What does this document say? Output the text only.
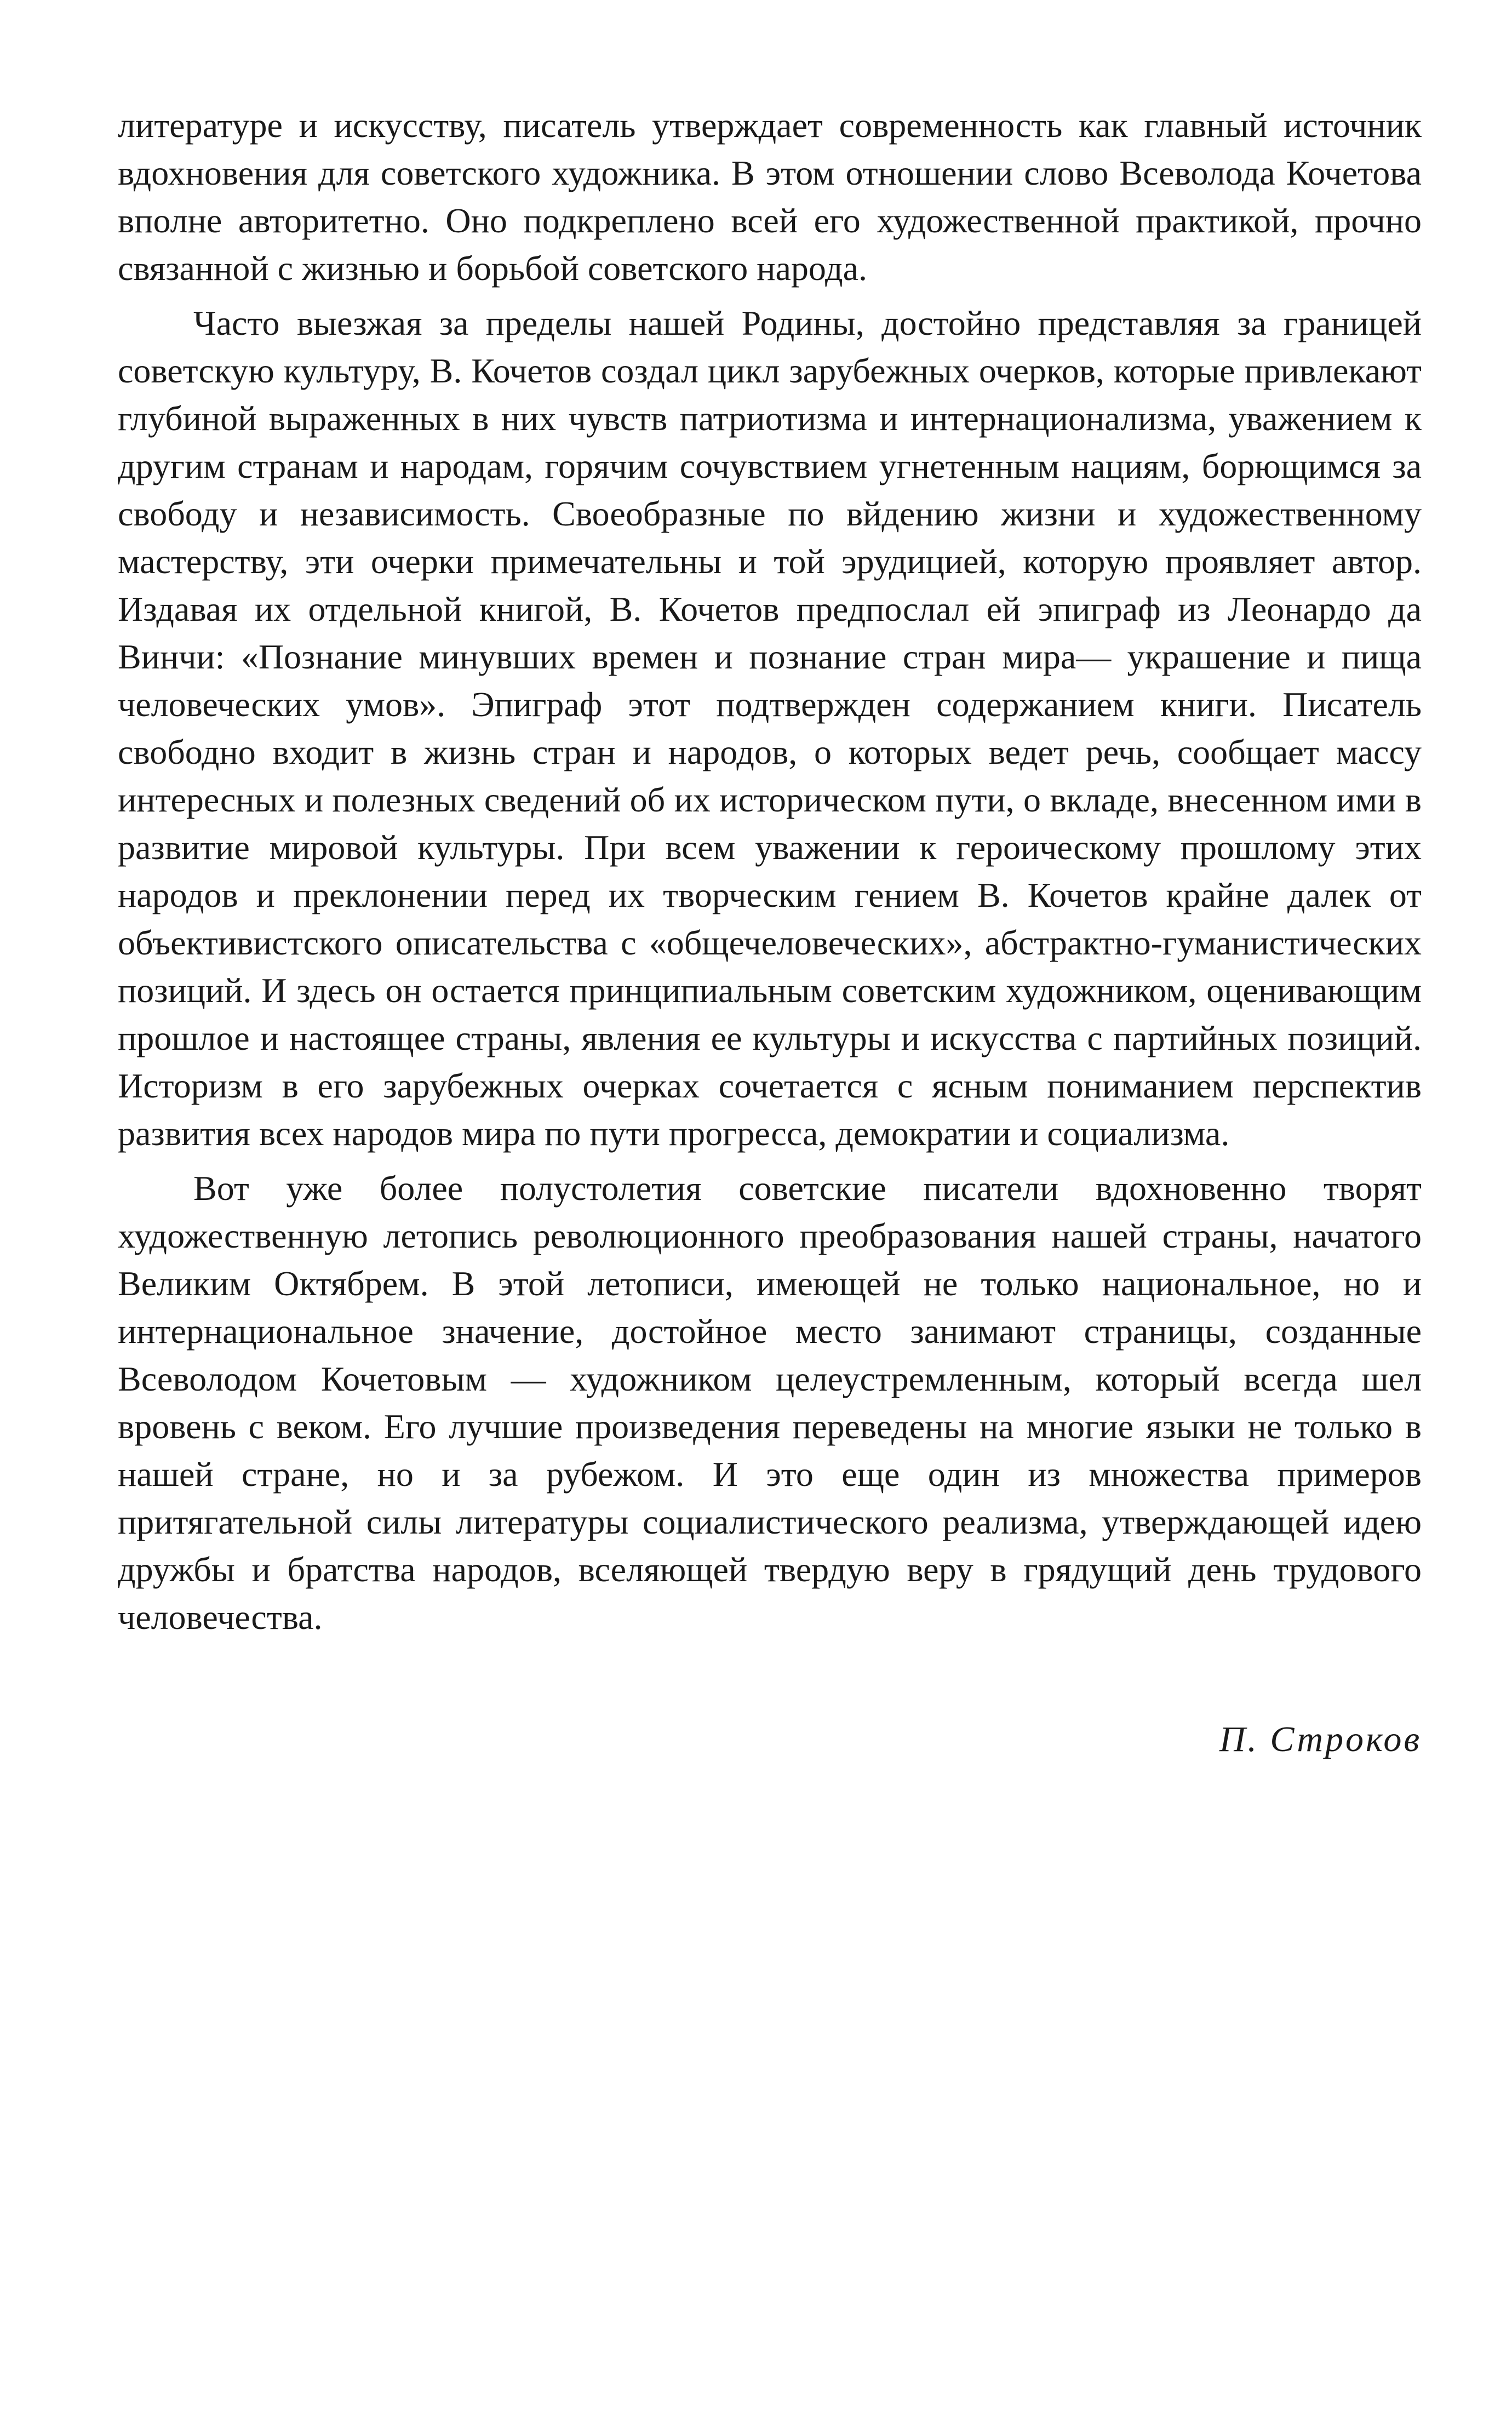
литературе и искусству, писатель утверждает современность как главный источник вдохновения для советского художника. В этом отношении слово Всеволода Кочетова вполне авторитетно. Оно подкреплено всей его художественной практикой, прочно связанной с жизнью и борьбой советского народа.

Часто выезжая за пределы нашей Родины, достойно представляя за границей советскую культуру, В. Кочетов создал цикл зарубежных очерков, которые привлекают глубиной выраженных в них чувств патриотизма и интернационализма, уважением к другим странам и народам, горячим сочувствием угнетенным нациям, борющимся за свободу и независимость. Своеобразные по вйдению жизни и художественному мастерству, эти очерки примечательны и той эрудицией, которую проявляет автор. Издавая их отдельной книгой, В. Кочетов предпослал ей эпиграф из Леонардо да Винчи: «Познание минувших времен и познание стран мира— украшение и пища человеческих умов». Эпиграф этот подтвержден содержанием книги. Писатель свободно входит в жизнь стран и народов, о которых ведет речь, сообщает массу интересных и полезных сведений об их историческом пути, о вкладе, внесенном ими в развитие мировой культуры. При всем уважении к героическому прошлому этих народов и преклонении перед их творческим гением В. Кочетов крайне далек от объективистского описательства с «общечеловеческих», абстрактно-гуманистических позиций. И здесь он остается принципиальным советским художником, оценивающим прошлое и настоящее страны, явления ее культуры и искусства с партийных позиций. Историзм в его зарубежных очерках сочетается с ясным пониманием перспектив развития всех народов мира по пути прогресса, демократии и социализма.

Вот уже более полустолетия советские писатели вдохновенно творят художественную летопись революционного преобразования нашей страны, начатого Великим Октябрем. В этой летописи, имеющей не только национальное, но и интернациональное значение, достойное место занимают страницы, созданные Всеволодом Кочетовым — художником целеустремленным, который всегда шел вровень с веком. Его лучшие произведения переведены на многие языки не только в нашей стране, но и за рубежом. И это еще один из множества примеров притягательной силы литературы социалистического реализма, утверждающей идею дружбы и братства народов, вселяющей твердую веру в грядущий день трудового человечества.

П. Строков
